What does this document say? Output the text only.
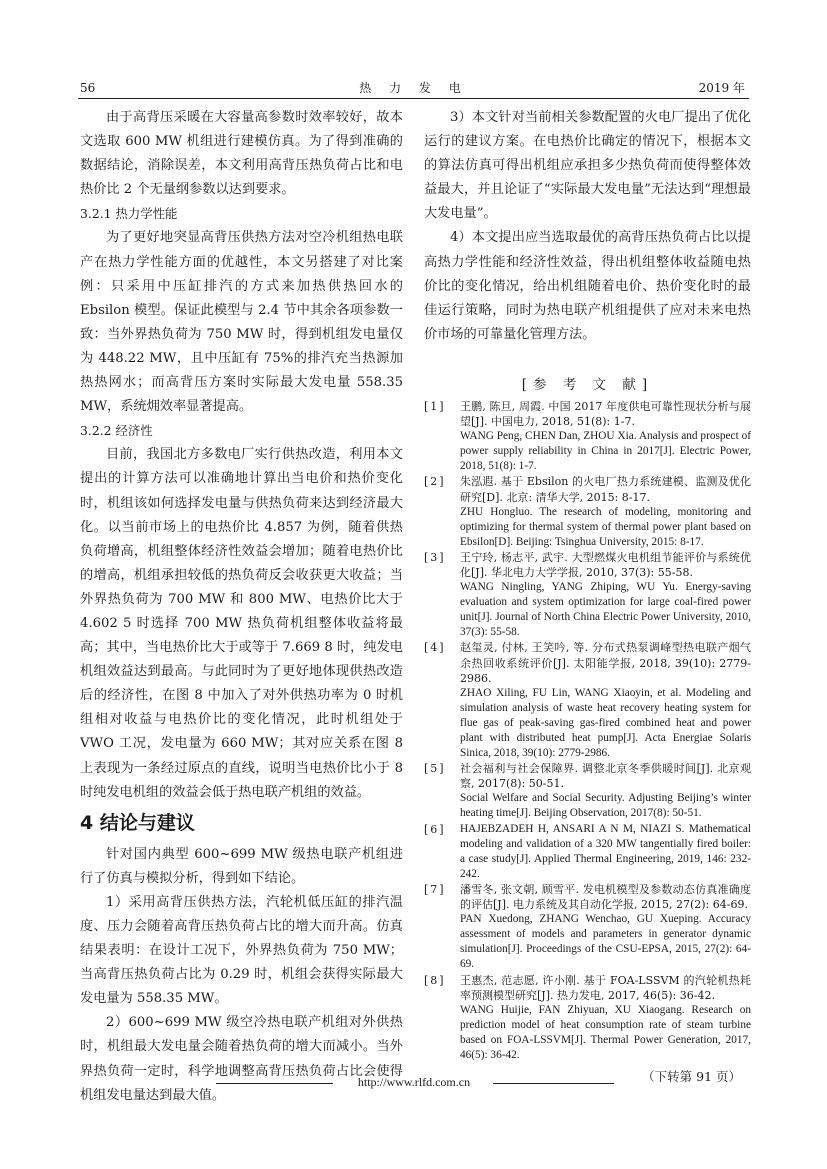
56	热 力 发 电	2019 年

由于高背压采暖在大容量高参数时效率较好，故本文选取 600 MW 机组进行建模仿真。为了得到准确的数据结论，消除误差，本文利用高背压热负荷占比和电热价比 2 个无量纲参数以达到要求。

3.2.1 热力学性能

为了更好地突显高背压供热方法对空冷机组热电联产在热力学性能方面的优越性，本文另搭建了对比案例：只采用中压缸排汽的方式来加热供热回水的 Ebsilon 模型。保证此模型与 2.4 节中其余各项参数一致：当外界热负荷为 750 MW 时，得到机组发电量仅为 448.22 MW，且中压缸有 75%的排汽充当热源加热热网水；而高背压方案时实际最大发电量 558.35 MW，系统㶲效率显著提高。

3.2.2 经济性

目前，我国北方多数电厂实行供热改造，利用本文提出的计算方法可以准确地计算出当电价和热价变化时，机组该如何选择发电量与供热负荷来达到经济最大化。以当前市场上的电热价比 4.857 为例，随着供热负荷增高，机组整体经济性效益会增加；随着电热价比的增高，机组承担较低的热负荷反会收获更大收益；当外界热负荷为 700 MW 和 800 MW、电热价比大于 4.602 5 时选择 700 MW 热负荷机组整体收益将最高；其中，当电热价比大于或等于 7.669 8 时，纯发电机组效益达到最高。与此同时为了更好地体现供热改造后的经济性，在图 8 中加入了对外供热功率为 0 时机组相对收益与电热价比的变化情况，此时机组处于 VWO 工况，发电量为 660 MW；其对应关系在图 8 上表现为一条经过原点的直线，说明当电热价比小于 8 时纯发电机组的效益会低于热电联产机组的效益。

4 结论与建议

针对国内典型 600~699 MW 级热电联产机组进行了仿真与模拟分析，得到如下结论。

1）采用高背压供热方法，汽轮机低压缸的排汽温度、压力会随着高背压热负荷占比的增大而升高。仿真结果表明：在设计工况下，外界热负荷为 750 MW；当高背压热负荷占比为 0.29 时，机组会获得实际最大发电量为 558.35 MW。

2）600~699 MW 级空冷热电联产机组对外供热时，机组最大发电量会随着热负荷的增大而减小。当外界热负荷一定时，科学地调整高背压热负荷占比会使得机组发电量达到最大值。

3）本文针对当前相关参数配置的火电厂提出了优化运行的建议方案。在电热价比确定的情况下，根据本文的算法仿真可得出机组应承担多少热负荷而使得整体效益最大，并且论证了“实际最大发电量”无法达到“理想最大发电量”。

4）本文提出应当选取最优的高背压热负荷占比以提高热力学性能和经济性效益，得出机组整体收益随电热价比的变化情况，给出机组随着电价、热价变化时的最佳运行策略，同时为热电联产机组提供了应对未来电热价市场的可靠量化管理方法。

[参 考 文 献]
[1]	王鹏, 陈旦, 周霞. 中国 2017 年度供电可靠性现状分析与展望[J]. 中国电力, 2018, 51(8): 1-7.
WANG Peng, CHEN Dan, ZHOU Xia. Analysis and prospect of power supply reliability in China in 2017[J]. Electric Power, 2018, 51(8): 1-7.
[2]	朱泓遐. 基于 Ebsilon 的火电厂热力系统建模、监测及优化研究[D]. 北京: 清华大学, 2015: 8-17.
ZHU Hongluo. The research of modeling, monitoring and optimizing for thermal system of thermal power plant based on Ebsilon[D]. Beijing: Tsinghua University, 2015: 8-17.
[3]	王宁玲, 杨志平, 武宇. 大型燃煤火电机组节能评价与系统优化[J]. 华北电力大学学报, 2010, 37(3): 55-58.
WANG Ningling, YANG Zhiping, WU Yu. Energy-saving evaluation and system optimization for large coal-fired power unit[J]. Journal of North China Electric Power University, 2010, 37(3): 55-58.
[4]	赵玺灵, 付林, 王笑吟, 等. 分布式热泵调峰型热电联产烟气余热回收系统评价[J]. 太阳能学报, 2018, 39(10): 2779-2986.
ZHAO Xiling, FU Lin, WANG Xiaoyin, et al. Modeling and simulation analysis of waste heat recovery heating system for flue gas of peak-saving gas-fired combined heat and power plant with distributed heat pump[J]. Acta Energiae Solaris Sinica, 2018, 39(10): 2779-2986.
[5]	社会福利与社会保障界. 调整北京冬季供暖时间[J]. 北京观察, 2017(8): 50-51.
Social Welfare and Social Security. Adjusting Beijing’s winter heating time[J]. Beijing Observation, 2017(8): 50-51.
[6]	HAJEBZADEH H, ANSARI A N M, NIAZI S. Mathematical modeling and validation of a 320 MW tangentially fired boiler: a case study[J]. Applied Thermal Engineering, 2019, 146: 232-242.
[7]	潘雪冬, 张文朝, 顾雪平. 发电机模型及参数动态仿真准确度的评估[J]. 电力系统及其自动化学报, 2015, 27(2): 64-69.
PAN Xuedong, ZHANG Wenchao, GU Xueping. Accuracy assessment of models and parameters in generator dynamic simulation[J]. Proceedings of the CSU-EPSA, 2015, 27(2): 64-69.
[8]	王惠杰, 范志愿, 许小刚. 基于 FOA-LSSVM 的汽轮机热耗率预测模型研究[J]. 热力发电, 2017, 46(5): 36-42.
WANG Huijie, FAN Zhiyuan, XU Xiaogang. Research on prediction model of heat consumption rate of steam turbine based on FOA-LSSVM[J]. Thermal Power Generation, 2017, 46(5): 36-42.
（下转第 91 页）
http://www.rlfd.com.cn
